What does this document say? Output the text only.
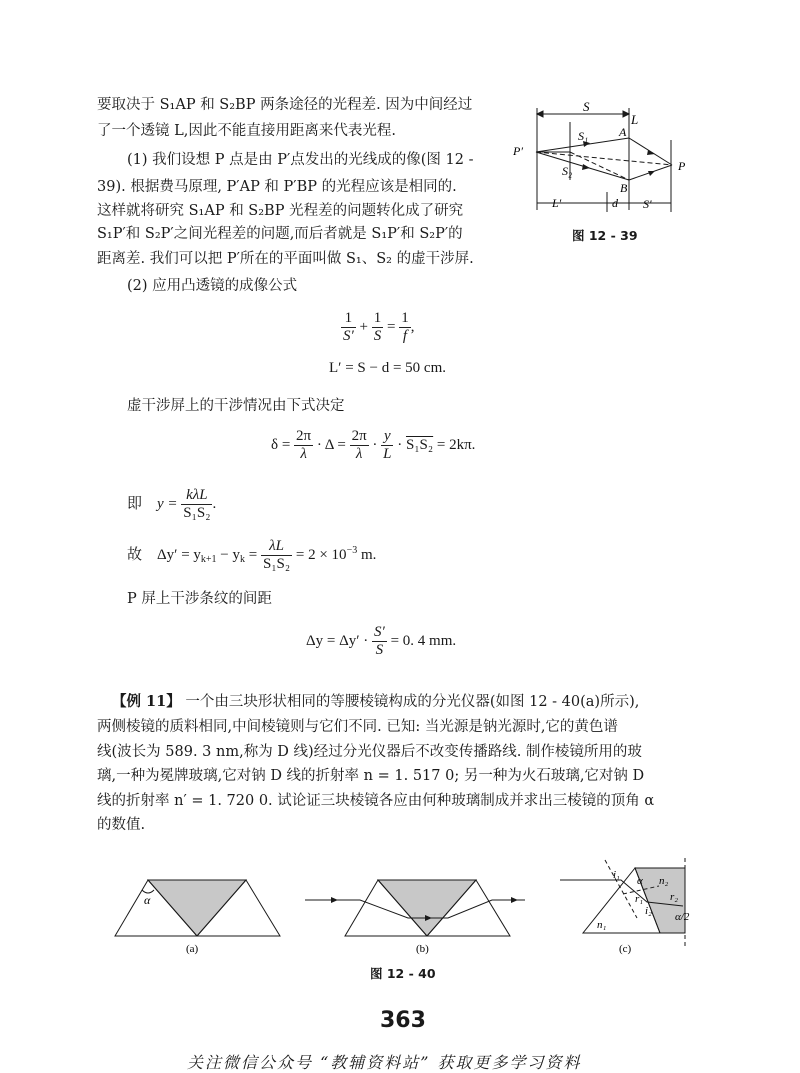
要取决于 S₁AP 和 S₂BP 两条途径的光程差. 因为中间经过
了一个透镜 L,因此不能直接用距离来代表光程.
(1) 我们设想 P 点是由 P′点发出的光线成的像(图 12 -
39). 根据费马原理, P′AP 和 P′BP 的光程应该是相同的.
这样就将研究 S₁AP 和 S₂BP 光程差的问题转化成了研究
S₁P′和 S₂P′之间光程差的问题,而后者就是 S₁P′和 S₂P′的
距离差. 我们可以把 P′所在的平面叫做 S₁、S₂ 的虚干涉屏.
(2) 应用凸透镜的成像公式
S
L
S₁	A
P′
P
S₂
B
L′	d S′
图 12 - 39
$\frac{1}{S'} + \frac{1}{S} = \frac{1}{f}$ ,
L′ = S − d = 50 cm.
虚干涉屏上的干涉情况由下式决定
$\delta = \frac{2\pi}{\lambda} \cdot \Delta = \frac{2\pi}{\lambda} \cdot \frac{y}{L} \cdot S_1S_2 = 2k\pi$.
即 $y = \frac{\text{kλL}}{\text{S₁S₂}}$ .
故 $\Delta y' = y_{k+1} - y_k = \frac{\lambda L}{\text{S₁S₂}} = 2 \times 10^{-3}$ m.
P 屏上干涉条纹的间距
$\Delta y = \Delta y' \cdot \frac{S'}{S} = 0$. 4 mm.
【例 11】 一个由三块形状相同的等腰棱镜构成的分光仪器(如图 12 - 40(a)所示),
两侧棱镜的质料相同,中间棱镜则与它们不同. 已知: 当光源是钠光源时,它的黄色谱
线(波长为 589. 3 nm,称为 D 线)经过分光仪器后不改变传播路线. 制作棱镜所用的玻
璃,一种为冕牌玻璃,它对钠 D 线的折射率 n = 1. 517 0; 另一种为火石玻璃,它对钠 D
线的折射率 n′ = 1. 720 0. 试论证三块棱镜各应由何种玻璃制成并求出三棱镜的顶角 α
的数值.
α
(a)	(b)
i₁ α n₂
r₁
i₂
r₂
α/2
n₁
(c)
图 12 - 40
363
关注微信公众号 “教辅资料站” 获取更多学习资料
